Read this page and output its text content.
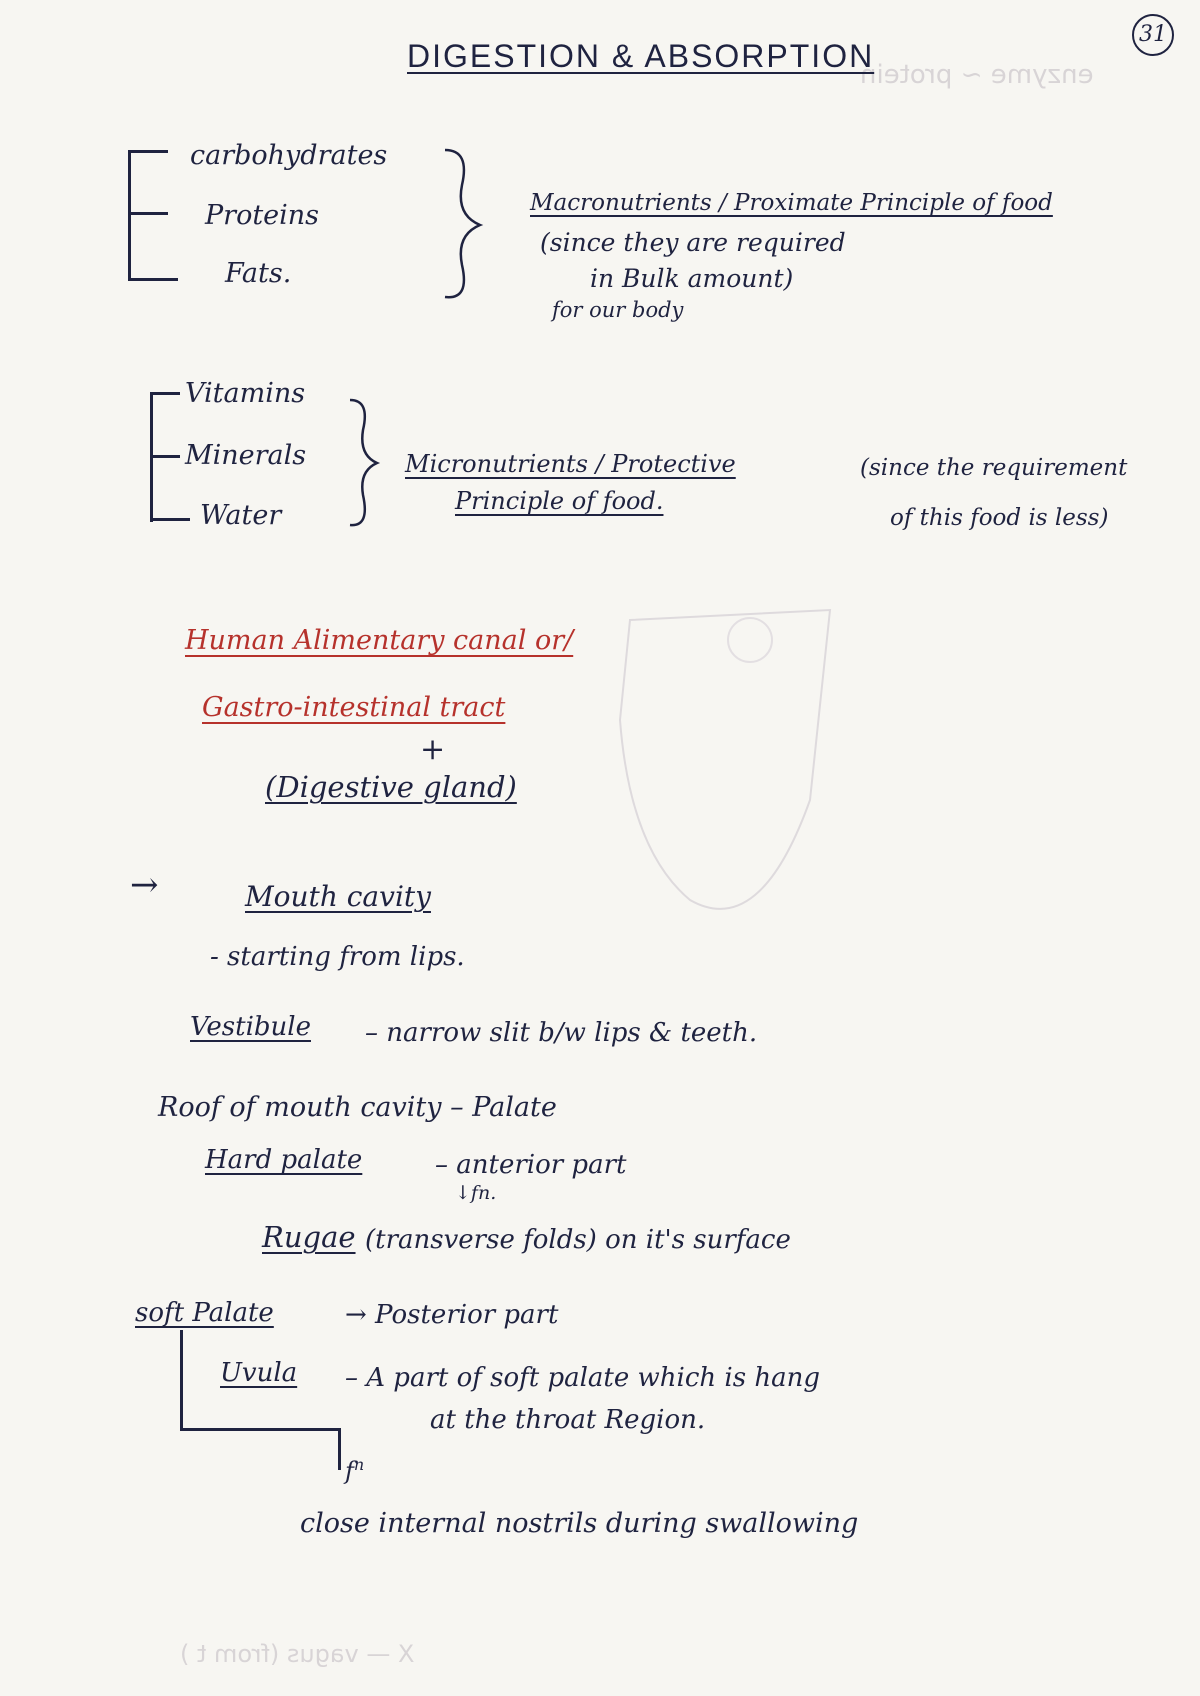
enzyme ~ protein
X — vagus (from t )
31
DIGESTION & ABSORPTION
carbohydrates
Proteins
Fats.
Macronutrients / Proximate Principle of food
(since they are required
in Bulk amount)
for our body
Vitamins
Minerals
Water
Micronutrients / Protective
Principle of food.
(since the requirement
of this food is less)
Human Alimentary canal or/
Gastro-intestinal tract
+
(Digestive gland)
→	Mouth cavity
- starting from lips.
Vestibule – narrow slit b/w lips & teeth.
Roof of mouth cavity – Palate
Hard palate	– anterior part
↓fn.
Rugae (transverse folds) on it's surface
soft Palate	→ Posterior part
Uvula – A part of soft palate which is hang
at the throat Region.
$f^n$
close internal nostrils during swallowing
